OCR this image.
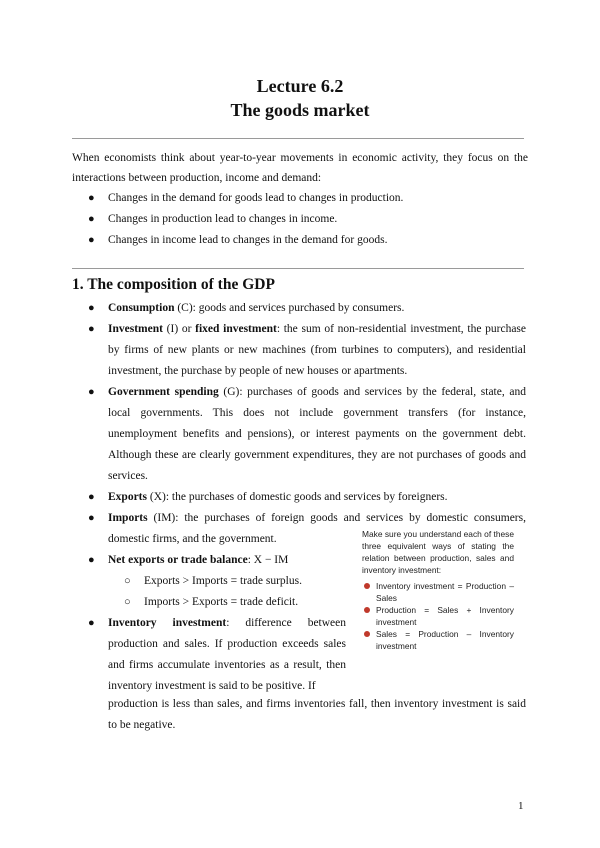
Lecture 6.2
The goods market
When economists think about year-to-year movements in economic activity, they focus on the interactions between production, income and demand:
● Changes in the demand for goods lead to changes in production.
● Changes in production lead to changes in income.
● Changes in income lead to changes in the demand for goods.
1. The composition of the GDP
● Consumption (C): goods and services purchased by consumers.
● Investment (I) or fixed investment: the sum of non-residential investment, the purchase by firms of new plants or new machines (from turbines to computers), and residential investment, the purchase by people of new houses or apartments.
● Government spending (G): purchases of goods and services by the federal, state, and local governments. This does not include government transfers (for instance, unemployment benefits and pensions), or interest payments on the government debt. Although these are clearly government expenditures, they are not purchases of goods and services.
● Exports (X): the purchases of domestic goods and services by foreigners.
● Imports (IM): the purchases of foreign goods and services by domestic consumers, domestic firms, and the government.
● Net exports or trade balance: X − IM
○ Exports > Imports = trade surplus.
○ Imports > Exports = trade deficit.
● Inventory investment: difference between production and sales. If production exceeds sales and firms accumulate inventories as a result, then inventory investment is said to be positive. If
production is less than sales, and firms inventories fall, then inventory investment is said to be negative.
Make sure you understand each of these three equivalent ways of stating the relation between production, sales and inventory investment:
Inventory investment = Production – Sales
Production = Sales + Inventory investment
Sales = Production – Inventory investment
1
